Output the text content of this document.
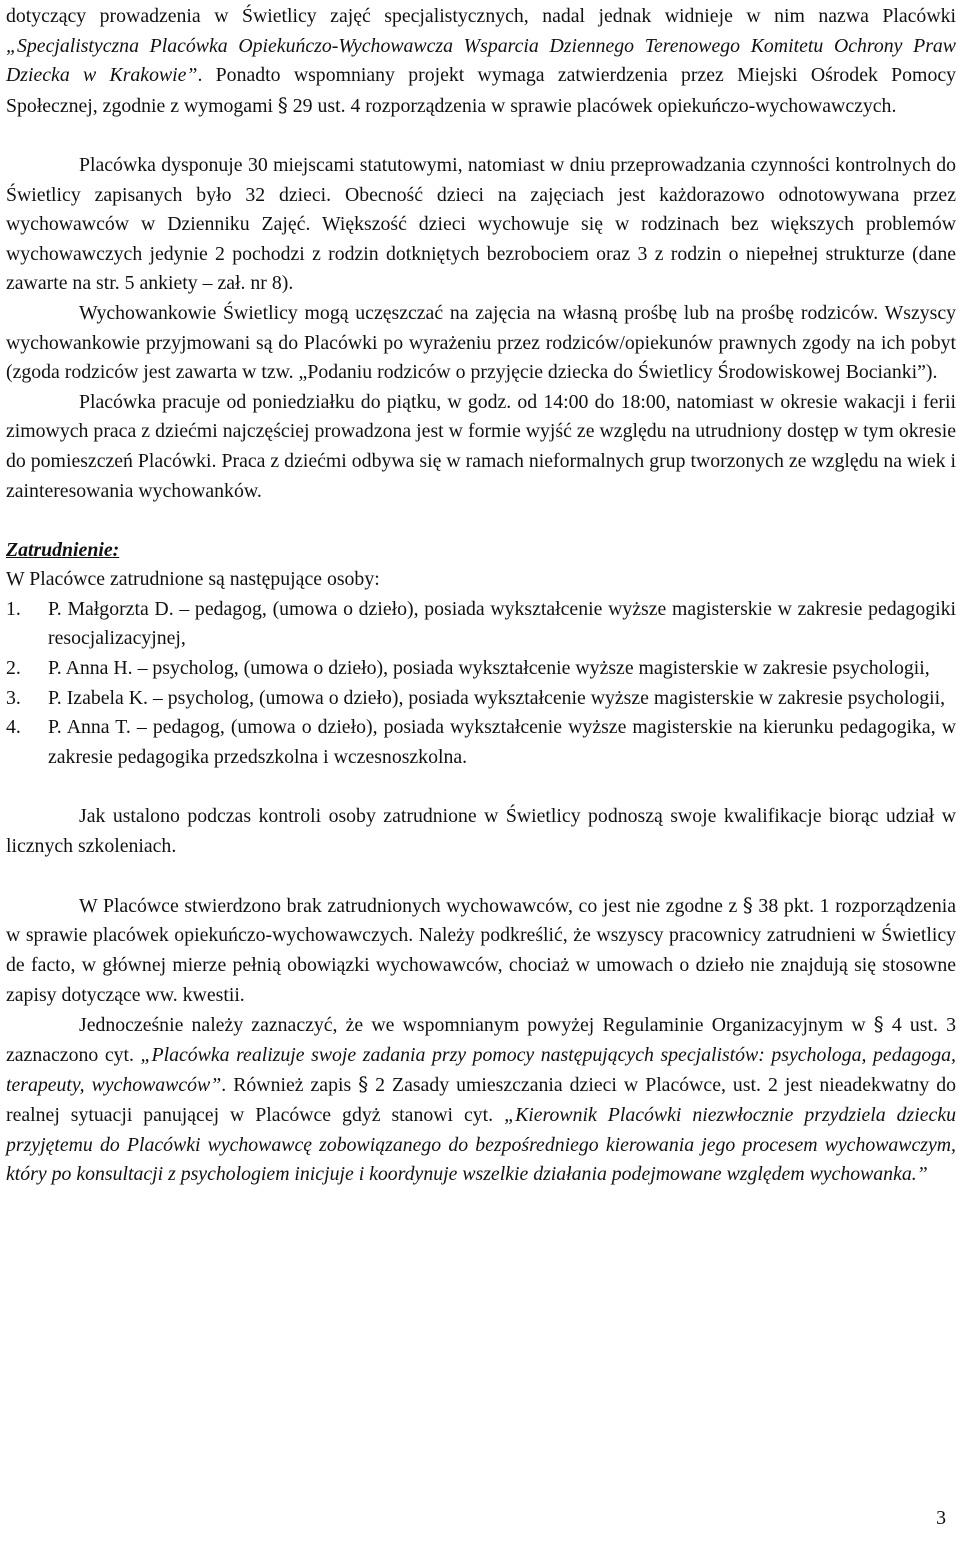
dotyczący prowadzenia w Świetlicy zajęć specjalistycznych, nadal jednak widnieje w nim nazwa Placówki „Specjalistyczna Placówka Opiekuńczo-Wychowawcza Wsparcia Dziennego Terenowego Komitetu Ochrony Praw Dziecka w Krakowie”. Ponadto wspomniany projekt wymaga zatwierdzenia przez Miejski Ośrodek Pomocy Społecznej, zgodnie z wymogami § 29 ust. 4 rozporządzenia w sprawie placówek opiekuńczo-wychowawczych.

Placówka dysponuje 30 miejscami statutowymi, natomiast w dniu przeprowadzania czynności kontrolnych do Świetlicy zapisanych było 32 dzieci. Obecność dzieci na zajęciach jest każdorazowo odnotowywana przez wychowawców w Dzienniku Zajęć. Większość dzieci wychowuje się w rodzinach bez większych problemów wychowawczych jedynie 2 pochodzi z rodzin dotkniętych bezrobociem oraz 3 z rodzin o niepełnej strukturze (dane zawarte na str. 5 ankiety – zał. nr 8).

Wychowankowie Świetlicy mogą uczęszczać na zajęcia na własną prośbę lub na prośbę rodziców. Wszyscy wychowankowie przyjmowani są do Placówki po wyrażeniu przez rodziców/opiekunów prawnych zgody na ich pobyt (zgoda rodziców jest zawarta w tzw. „Podaniu rodziców o przyjęcie dziecka do Świetlicy Środowiskowej Bocianki”).

Placówka pracuje od poniedziałku do piątku, w godz. od 14:00 do 18:00, natomiast w okresie wakacji i ferii zimowych praca z dziećmi najczęściej prowadzona jest w formie wyjść ze względu na utrudniony dostęp w tym okresie do pomieszczeń Placówki. Praca z dziećmi odbywa się w ramach nieformalnych grup tworzonych ze względu na wiek i zainteresowania wychowanków.

Zatrudnienie:

W Placówce zatrudnione są następujące osoby:

1. P. Małgorzta D. – pedagog, (umowa o dzieło), posiada wykształcenie wyższe magisterskie w zakresie pedagogiki resocjalizacyjnej,
2. P. Anna H. – psycholog, (umowa o dzieło), posiada wykształcenie wyższe magisterskie w zakresie psychologii,
3. P. Izabela K. – psycholog, (umowa o dzieło), posiada wykształcenie wyższe magisterskie w zakresie psychologii,
4. P. Anna T. – pedagog, (umowa o dzieło), posiada wykształcenie wyższe magisterskie na kierunku pedagogika, w zakresie pedagogika przedszkolna i wczesnoszkolna.

Jak ustalono podczas kontroli osoby zatrudnione w Świetlicy podnoszą swoje kwalifikacje biorąc udział w licznych szkoleniach.

W Placówce stwierdzono brak zatrudnionych wychowawców, co jest nie zgodne z § 38 pkt. 1 rozporządzenia w sprawie placówek opiekuńczo-wychowawczych. Należy podkreślić, że wszyscy pracownicy zatrudnieni w Świetlicy de facto, w głównej mierze pełnią obowiązki wychowawców, chociaż w umowach o dzieło nie znajdują się stosowne zapisy dotyczące ww. kwestii.

Jednocześnie należy zaznaczyć, że we wspomnianym powyżej Regulaminie Organizacyjnym w § 4 ust. 3 zaznaczono cyt. „Placówka realizuje swoje zadania przy pomocy następujących specjalistów: psychologa, pedagoga, terapeuty, wychowawców”. Również zapis § 2 Zasady umieszczania dzieci w Placówce, ust. 2 jest nieadekwatny do realnej sytuacji panującej w Placówce gdyż stanowi cyt. „Kierownik Placówki niezwłocznie przydziela dziecku przyjętemu do Placówki wychowawcę zobowiązanego do bezpośredniego kierowania jego procesem wychowawczym, który po konsultacji z psychologiem inicjuje i koordynuje wszelkie działania podejmowane względem wychowanka.”

3
